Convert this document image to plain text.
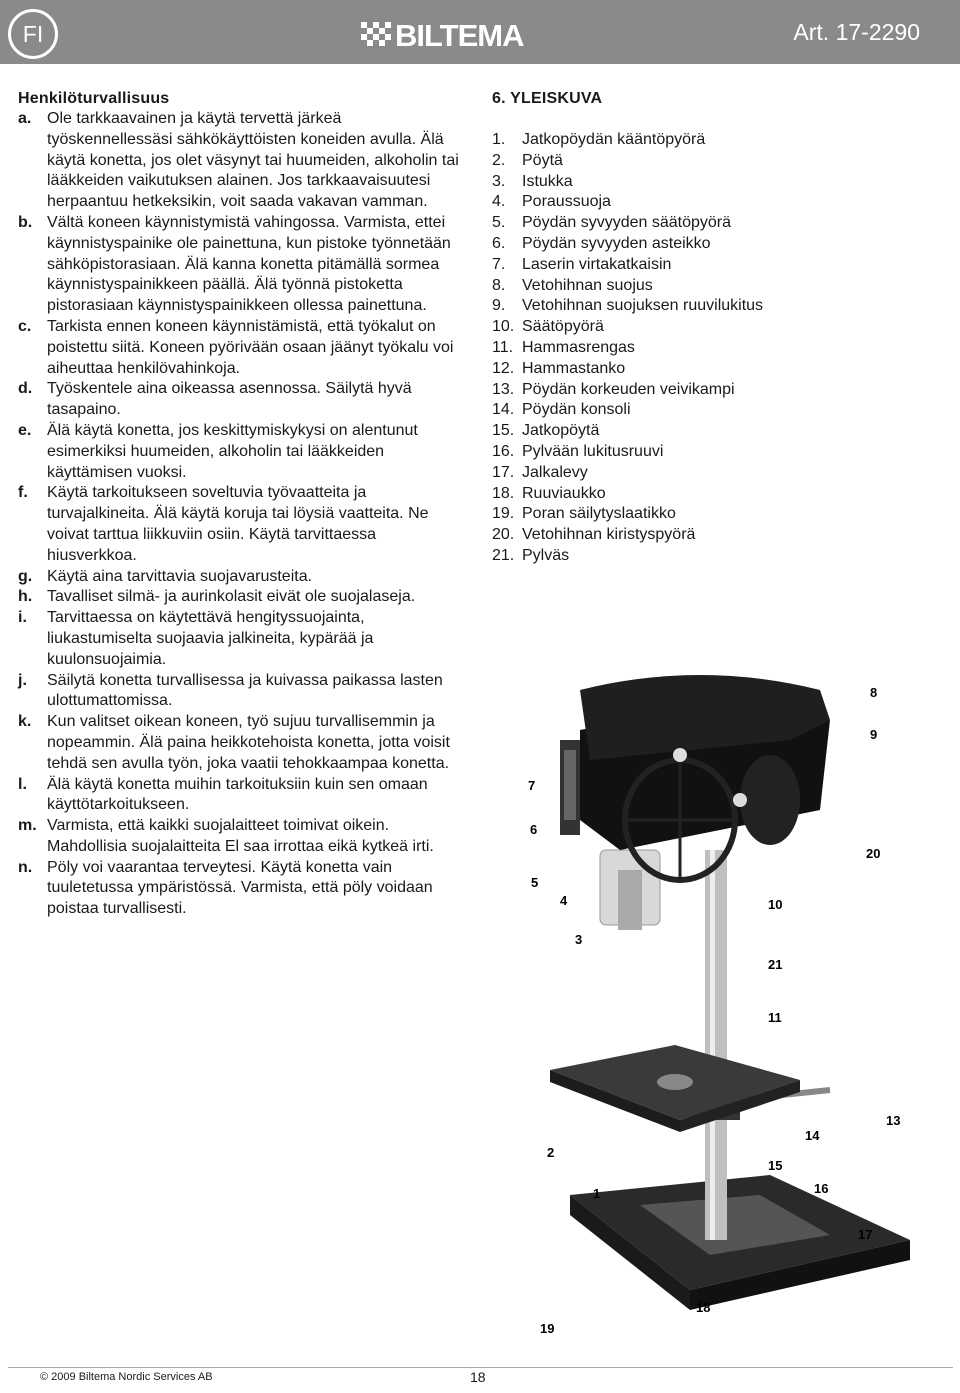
FI	BILTEMA	Art. 17-2290
Henkilöturvallisuus
a. Ole tarkkaavainen ja käytä tervettä järkeä työskennellessäsi sähkökäyttöisten koneiden avulla. Älä käytä konetta, jos olet väsynyt tai huumeiden, alkoholin tai lääkkeiden vaikutuksen alainen. Jos tarkkaavaisuutesi herpaantuu hetkeksikin, voit saada vakavan vamman.
b. Vältä koneen käynnistymistä vahingossa. Varmista, ettei käynnistyspainike ole painettuna, kun pistoke työnnetään sähköpistorasiaan. Älä kanna konetta pitämällä sormea käynnistyspainikkeen päällä. Älä työnnä pistoketta pistorasiaan käynnistyspainikkeen ollessa painettuna.
c. Tarkista ennen koneen käynnistämistä, että työkalut on poistettu siitä. Koneen pyörivään osaan jäänyt työkalu voi aiheuttaa henkilövahinkoja.
d. Työskentele aina oikeassa asennossa. Säilytä hyvä tasapaino.
e. Älä käytä konetta, jos keskittymiskykysi on alentunut esimerkiksi huumeiden, alkoholin tai lääkkeiden käyttämisen vuoksi.
f.	Käytä tarkoitukseen soveltuvia työvaatteita ja turvajalkineita. Älä käytä koruja tai löysiä vaatteita. Ne voivat tarttua liikkuviin osiin. Käytä tarvittaessa hiusverkkoa.
g. Käytä aina tarvittavia suojavarusteita.
h. Tavalliset silmä- ja aurinkolasit eivät ole suojalaseja.
i.	Tarvittaessa on käytettävä hengityssuojainta, liukastumiselta suojaavia jalkineita, kypärää ja kuulonsuojaimia.
j.	Säilytä konetta turvallisessa ja kuivassa paikassa lasten ulottumattomissa.
k. Kun valitset oikean koneen, työ sujuu turvallisemmin ja nopeammin. Älä paina heikkotehoista konetta, jotta voisit tehdä sen avulla työn, joka vaatii tehokkaampaa konetta.
l.	Älä käytä konetta muihin tarkoituksiin kuin sen omaan käyttötarkoitukseen.
m. Varmista, että kaikki suojalaitteet toimivat oikein. Mahdollisia suojalaitteita El saa irrottaa eikä kytkeä irti.
n. Pöly voi vaarantaa terveytesi. Käytä konetta vain tuuletetussa ympäristössä. Varmista, että pöly voidaan poistaa turvallisesti.
6. YLEISKUVA
1.	Jatkopöydän kääntöpyörä
2.	Pöytä
3.	Istukka
4.	Poraussuoja
5.	Pöydän syvyyden säätöpyörä
6.	Pöydän syvyyden asteikko
7.	Laserin virtakatkaisin
8.	Vetohihnan suojus
9.	Vetohihnan suojuksen ruuvilukitus
10. Säätöpyörä
11. Hammasrengas
12. Hammastanko
13. Pöydän korkeuden veivikampi
14. Pöydän konsoli
15. Jatkopöytä
16. Pylvään lukitusruuvi
17. Jalkalevy
18. Ruuviaukko
19. Poran säilytyslaatikko
20. Vetohihnan kiristyspyörä
21. Pylväs
8
9
7
6
20
5
4	10
3
21
11
13
14
2
15
1	16
17
18
19
© 2009 Biltema Nordic Services AB	18
